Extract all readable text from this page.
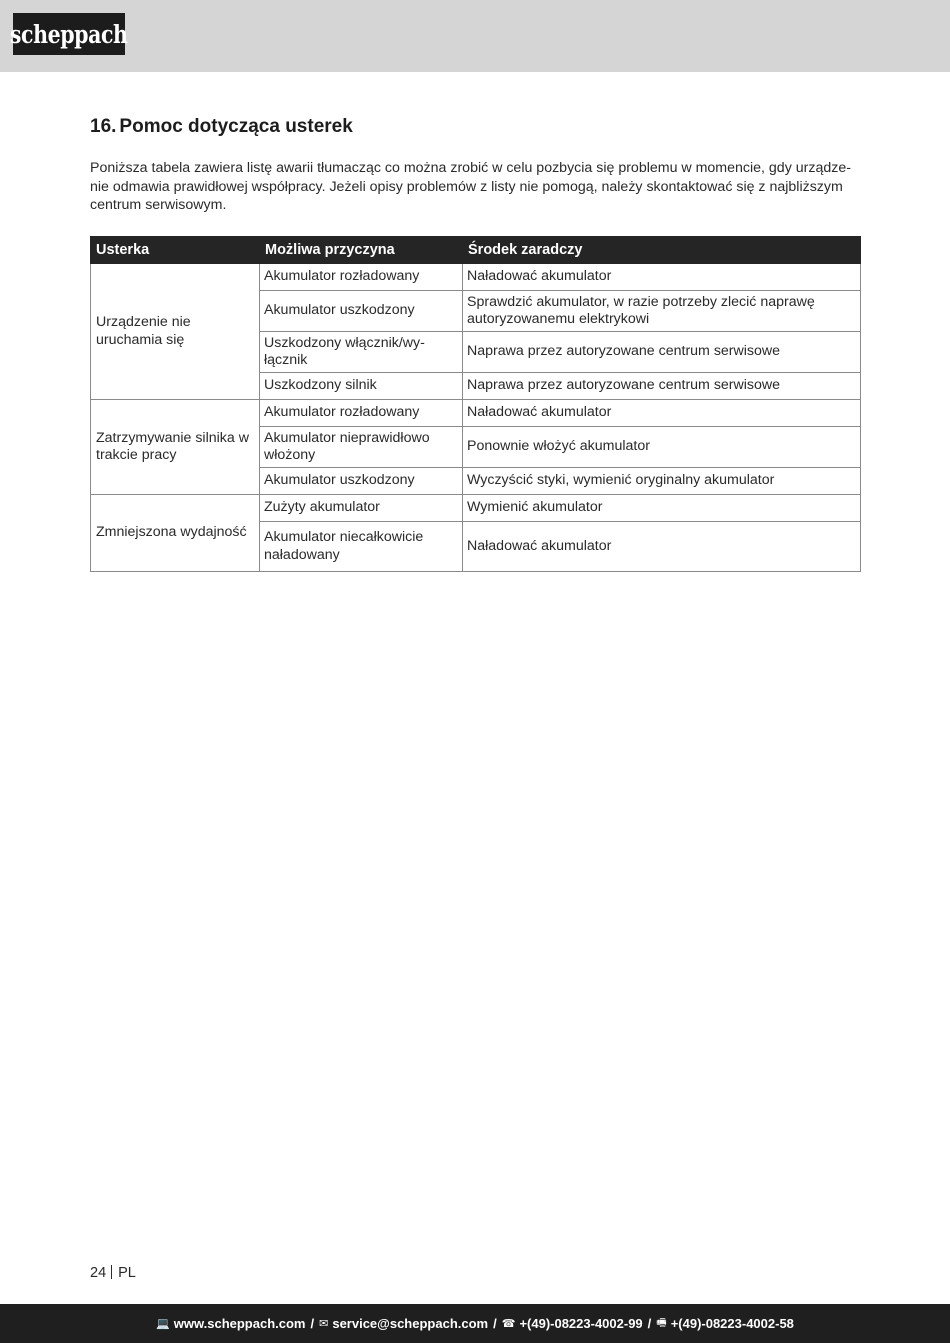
scheppach
16. Pomoc dotycząca usterek

Poniższa tabela zawiera listę awarii tłumacząc co można zrobić w celu pozbycia się problemu w momencie, gdy urządze-nie odmawia prawidłowej współpracy. Jeżeli opisy problemów z listy nie pomogą, należy skontaktować się z najbliższym centrum serwisowym.

Usterka	Możliwa przyczyna	Środek zaradczy
Urządzenie nie uruchamia się	Akumulator rozładowany	Naładować akumulator
	Akumulator uszkodzony	Sprawdzić akumulator, w razie potrzeby zlecić naprawę autoryzowanemu elektrykowi
	Uszkodzony włącznik/wy-łącznik	Naprawa przez autoryzowane centrum serwisowe
	Uszkodzony silnik	Naprawa przez autoryzowane centrum serwisowe
Zatrzymywanie silnika w trakcie pracy	Akumulator rozładowany	Naładować akumulator
	Akumulator nieprawidłowo włożony	Ponownie włożyć akumulator
	Akumulator uszkodzony	Wyczyścić styki, wymienić oryginalny akumulator
Zmniejszona wydajność	Zużyty akumulator	Wymienić akumulator
	Akumulator niecałkowicie naładowany	Naładować akumulator
24 PL
💻 www.scheppach.com / ✉ service@scheppach.com / ☎ +(49)-08223-4002-99 / 🖷 +(49)-08223-4002-58
